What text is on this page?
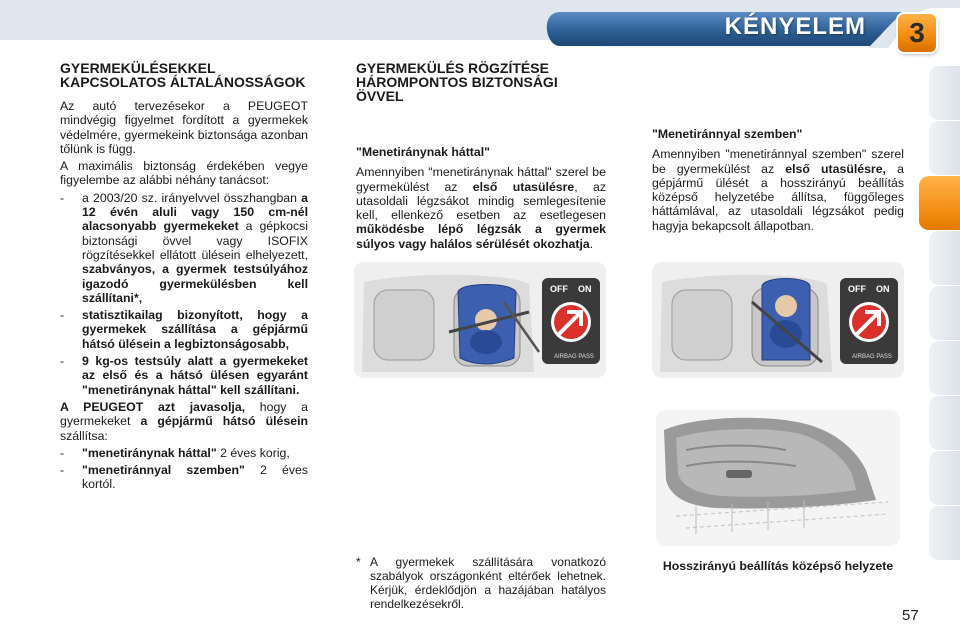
KÉNYELEM	3
GYERMEKÜLÉSEKKEL KAPCSOLATOS ÁLTALÁNOSSÁGOK

Az autó tervezésekor a PEUGEOT mindvégig figyelmet fordított a gyermekek védelmére, gyermekeink biztonsága azonban tőlünk is függ.

A maximális biztonság érdekében vegye figyelembe az alábbi néhány tanácsot:

-	a 2003/20 sz. irányelvvel összhangban a 12 évén aluli vagy 150 cm-nél alacsonyabb gyermekeket a gépkocsi biztonsági övvel vagy ISOFIX rögzítésekkel ellátott ülésein elhelyezett, szabványos, a gyermek testsúlyához igazodó gyermekülésben kell szállítani*,
-	statisztikailag bizonyított, hogy a gyermekek szállítása a gépjármű hátsó ülésein a legbiztonságosabb,
-	9 kg-os testsúly alatt a gyermekeket az első és a hátsó ülésen egyaránt "menetiránynak háttal" kell szállítani.

A PEUGEOT azt javasolja, hogy a gyermekeket a gépjármű hátsó ülésein szállítsa:

-	"menetiránynak háttal" 2 éves korig,
-	"menetiránnyal szemben" 2 éves kortól.
GYERMEKÜLÉS RÖGZÍTÉSE HÁROMPONTOS BIZTONSÁGI ÖVVEL
"Menetiránynak háttal"

Amennyiben "menetiránynak háttal" szerel be gyermekülést az első utasülésre, az utasoldali légzsákot mindig semlegesítenie kell, ellenkező esetben az esetlegesen működésbe lépő légzsák a gyermek súlyos vagy halálos sérülését okozhatja.

"Menetiránnyal szemben"

Amennyiben "menetiránnyal szemben" szerel be gyermekülést az első utasülésre, a gépjármű ülését a hosszirányú beállítás középső helyzetébe állítsa, függőleges háttámlával, az utasoldali légzsákot pedig hagyja bekapcsolt állapotban.

OFF ON
AIRBAG PASS
OFF ON
AIRBAG PASS
* A gyermekek szállítására vonatkozó szabályok országonként eltérőek lehetnek. Kérjük, érdeklődjön a hazájában hatályos rendelkezésekről.
Hosszirányú beállítás középső helyzete
57
